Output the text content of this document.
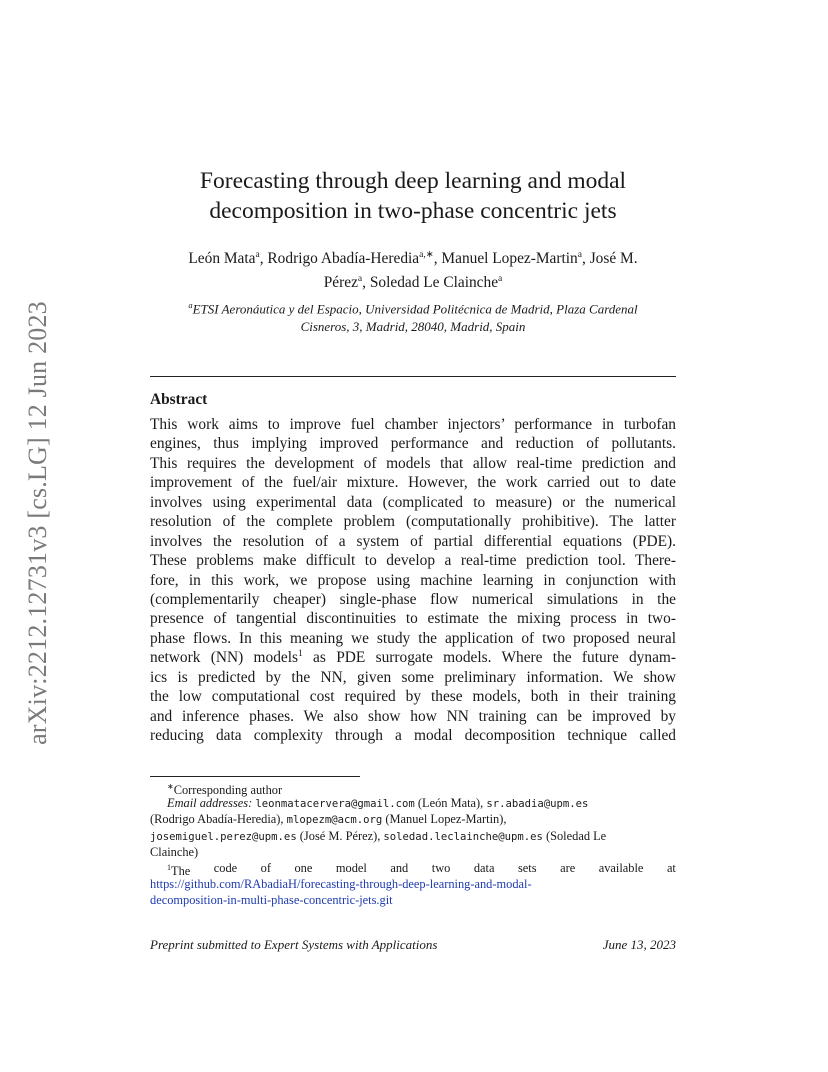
arXiv:2212.12731v3 [cs.LG] 12 Jun 2023
Forecasting through deep learning and modal
decomposition in two-phase concentric jets
León Mata$^a$, Rodrigo Abadía-Heredia$^{a,∗}$, Manuel Lopez-Martin$^a$, José M.
Pérez$^a$, Soledad Le Clainche$^a$
$^a$ETSI Aeronáutica y del Espacio, Universidad Politécnica de Madrid, Plaza Cardenal
Cisneros, 3, Madrid, 28040, Madrid, Spain
Abstract
This work aims to improve fuel chamber injectors’ performance in turbofan
engines, thus implying improved performance and reduction of pollutants.
This requires the development of models that allow real-time prediction and
improvement of the fuel/air mixture. However, the work carried out to date
involves using experimental data (complicated to measure) or the numerical
resolution of the complete problem (computationally prohibitive). The latter
involves the resolution of a system of partial differential equations (PDE).
These problems make difficult to develop a real-time prediction tool. There-
fore, in this work, we propose using machine learning in conjunction with
(complementarily cheaper) single-phase flow numerical simulations in the
presence of tangential discontinuities to estimate the mixing process in two-
phase flows. In this meaning we study the application of two proposed neural
network (NN) models$^1$ as PDE surrogate models. Where the future dynam-
ics is predicted by the NN, given some preliminary information. We show
the low computational cost required by these models, both in their training
and inference phases. We also show how NN training can be improved by
reducing data complexity through a modal decomposition technique called
∗Corresponding author
Email addresses: leonmatacervera@gmail.com (León Mata), sr.abadia@upm.es
(Rodrigo Abadía-Heredia), mlopezm@acm.org (Manuel Lopez-Martin),
josemiguel.perez@upm.es (José M. Pérez), soledad.leclainche@upm.es (Soledad Le
Clainche)
$^1$The code of one model and two data sets are available at
https://github.com/RAbadiaH/forecasting-through-deep-learning-and-modal-
decomposition-in-multi-phase-concentric-jets.git
Preprint submitted to Expert Systems with Applications	June 13, 2023
